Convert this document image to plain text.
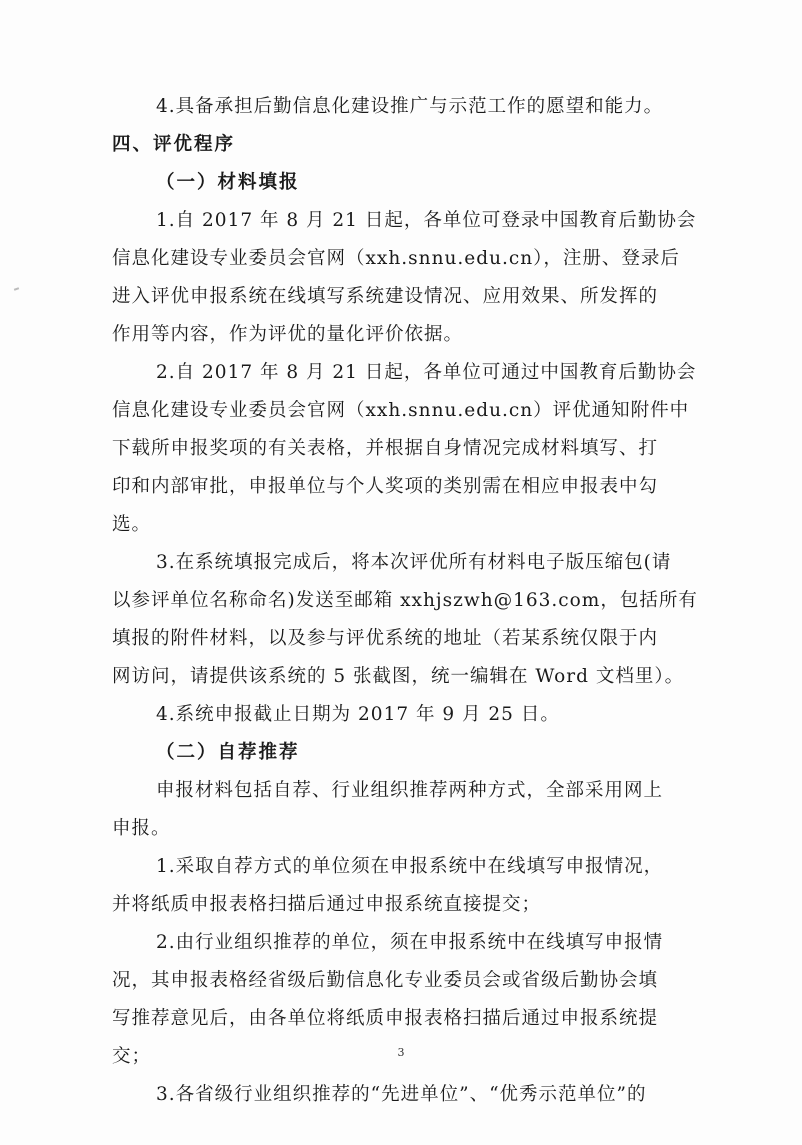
4.具备承担后勤信息化建设推广与示范工作的愿望和能力。
四、评优程序
（一）材料填报
1.自 2017 年 8 月 21 日起，各单位可登录中国教育后勤协会
信息化建设专业委员会官网（xxh.snnu.edu.cn），注册、登录后
进入评优申报系统在线填写系统建设情况、应用效果、所发挥的
作用等内容，作为评优的量化评价依据。
2.自 2017 年 8 月 21 日起，各单位可通过中国教育后勤协会
信息化建设专业委员会官网（xxh.snnu.edu.cn）评优通知附件中
下载所申报奖项的有关表格，并根据自身情况完成材料填写、打
印和内部审批，申报单位与个人奖项的类别需在相应申报表中勾
选。
3.在系统填报完成后，将本次评优所有材料电子版压缩包(请
以参评单位名称命名)发送至邮箱 xxhjszwh@163.com，包括所有
填报的附件材料，以及参与评优系统的地址（若某系统仅限于内
网访问，请提供该系统的 5 张截图，统一编辑在 Word 文档里）。
4.系统申报截止日期为 2017 年 9 月 25 日。
（二）自荐推荐
申报材料包括自荐、行业组织推荐两种方式，全部采用网上
申报。
1.采取自荐方式的单位须在申报系统中在线填写申报情况，
并将纸质申报表格扫描后通过申报系统直接提交；
2.由行业组织推荐的单位，须在申报系统中在线填写申报情
况，其申报表格经省级后勤信息化专业委员会或省级后勤协会填
写推荐意见后，由各单位将纸质申报表格扫描后通过申报系统提
交；
3.各省级行业组织推荐的“先进单位”、“优秀示范单位”的
3
